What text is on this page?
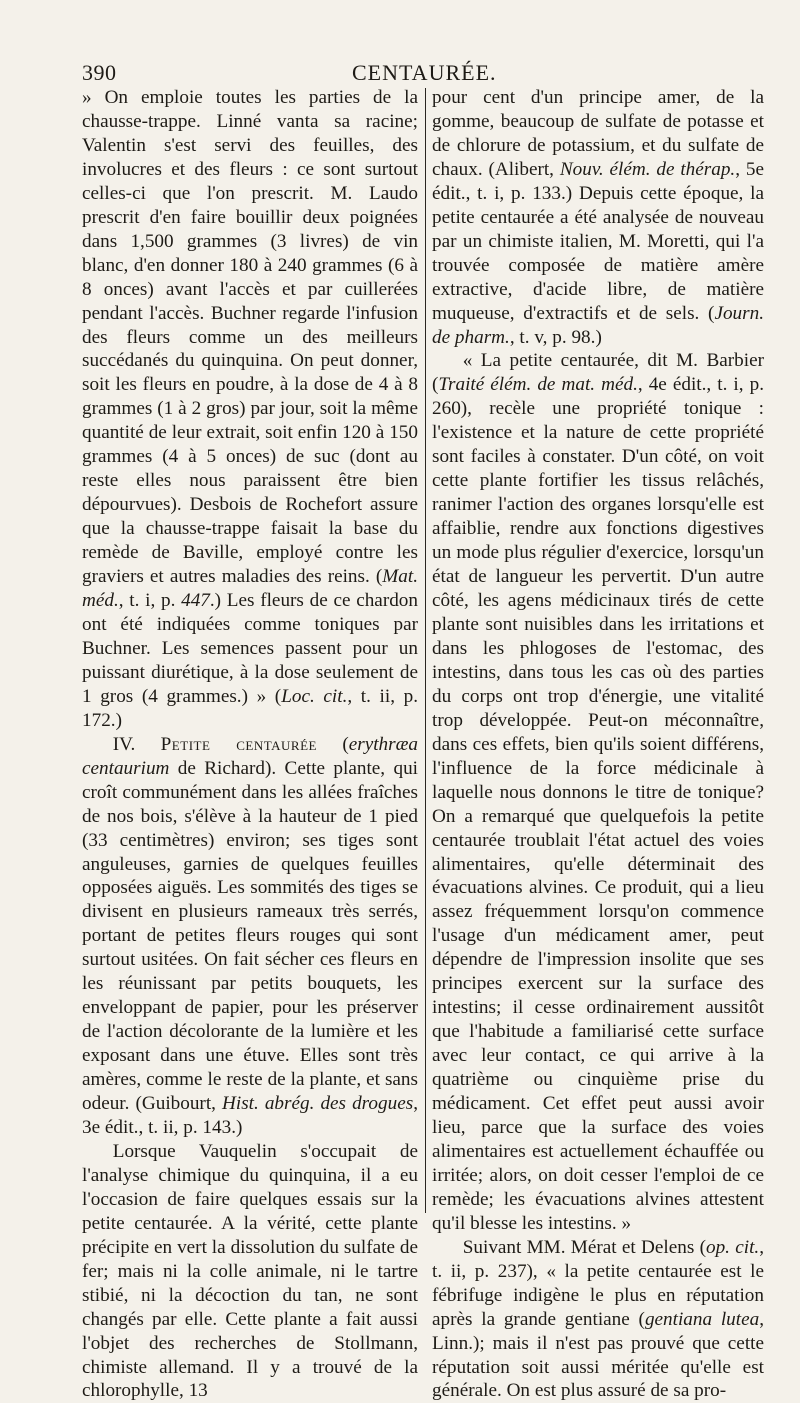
390	CENTAURÉE.

» On emploie toutes les parties de la chausse-trappe. Linné vanta sa racine; Valentin s'est servi des feuilles, des involucres et des fleurs : ce sont surtout celles-ci que l'on prescrit. M. Laudo prescrit d'en faire bouillir deux poignées dans 1,500 grammes (3 livres) de vin blanc, d'en donner 180 à 240 grammes (6 à 8 onces) avant l'accès et par cuillerées pendant l'accès. Buchner regarde l'infusion des fleurs comme un des meilleurs succédanés du quinquina. On peut donner, soit les fleurs en poudre, à la dose de 4 à 8 grammes (1 à 2 gros) par jour, soit la même quantité de leur extrait, soit enfin 120 à 150 grammes (4 à 5 onces) de suc (dont au reste elles nous paraissent être bien dépourvues). Desbois de Rochefort assure que la chausse-trappe faisait la base du remède de Baville, employé contre les graviers et autres maladies des reins. (Mat. méd., t. i, p. 447.) Les fleurs de ce chardon ont été indiquées comme toniques par Buchner. Les semences passent pour un puissant diurétique, à la dose seulement de 1 gros (4 grammes.) » (Loc. cit., t. ii, p. 172.)

IV. Petite centaurée (erythræa centaurium de Richard). Cette plante, qui croît communément dans les allées fraîches de nos bois, s'élève à la hauteur de 1 pied (33 centimètres) environ; ses tiges sont anguleuses, garnies de quelques feuilles opposées aiguës. Les sommités des tiges se divisent en plusieurs rameaux très serrés, portant de petites fleurs rouges qui sont surtout usitées. On fait sécher ces fleurs en les réunissant par petits bouquets, les enveloppant de papier, pour les préserver de l'action décolorante de la lumière et les exposant dans une étuve. Elles sont très amères, comme le reste de la plante, et sans odeur. (Guibourt, Hist. abrég. des drogues, 3e édit., t. ii, p. 143.)

Lorsque Vauquelin s'occupait de l'analyse chimique du quinquina, il a eu l'occasion de faire quelques essais sur la petite centaurée. A la vérité, cette plante précipite en vert la dissolution du sulfate de fer; mais ni la colle animale, ni le tartre stibié, ni la décoction du tan, ne sont changés par elle. Cette plante a fait aussi l'objet des recherches de Stollmann, chimiste allemand. Il y a trouvé de la chlorophylle, 13

pour cent d'un principe amer, de la gomme, beaucoup de sulfate de potasse et de chlorure de potassium, et du sulfate de chaux. (Alibert, Nouv. élém. de thérap., 5e édit., t. i, p. 133.) Depuis cette époque, la petite centaurée a été analysée de nouveau par un chimiste italien, M. Moretti, qui l'a trouvée composée de matière amère extractive, d'acide libre, de matière muqueuse, d'extractifs et de sels. (Journ. de pharm., t. v, p. 98.)

« La petite centaurée, dit M. Barbier (Traité élém. de mat. méd., 4e édit., t. i, p. 260), recèle une propriété tonique : l'existence et la nature de cette propriété sont faciles à constater. D'un côté, on voit cette plante fortifier les tissus relâchés, ranimer l'action des organes lorsqu'elle est affaiblie, rendre aux fonctions digestives un mode plus régulier d'exercice, lorsqu'un état de langueur les pervertit. D'un autre côté, les agens médicinaux tirés de cette plante sont nuisibles dans les irritations et dans les phlogoses de l'estomac, des intestins, dans tous les cas où des parties du corps ont trop d'énergie, une vitalité trop développée. Peut-on méconnaître, dans ces effets, bien qu'ils soient différens, l'influence de la force médicinale à laquelle nous donnons le titre de tonique? On a remarqué que quelquefois la petite centaurée troublait l'état actuel des voies alimentaires, qu'elle déterminait des évacuations alvines. Ce produit, qui a lieu assez fréquemment lorsqu'on commence l'usage d'un médicament amer, peut dépendre de l'impression insolite que ses principes exercent sur la surface des intestins; il cesse ordinairement aussitôt que l'habitude a familiarisé cette surface avec leur contact, ce qui arrive à la quatrième ou cinquième prise du médicament. Cet effet peut aussi avoir lieu, parce que la surface des voies alimentaires est actuellement échauffée ou irritée; alors, on doit cesser l'emploi de ce remède; les évacuations alvines attestent qu'il blesse les intestins. »

Suivant MM. Mérat et Delens (op. cit., t. ii, p. 237), « la petite centaurée est le fébrifuge indigène le plus en réputation après la grande gentiane (gentiana lutea, Linn.); mais il n'est pas prouvé que cette réputation soit aussi méritée qu'elle est générale. On est plus assuré de sa pro-
